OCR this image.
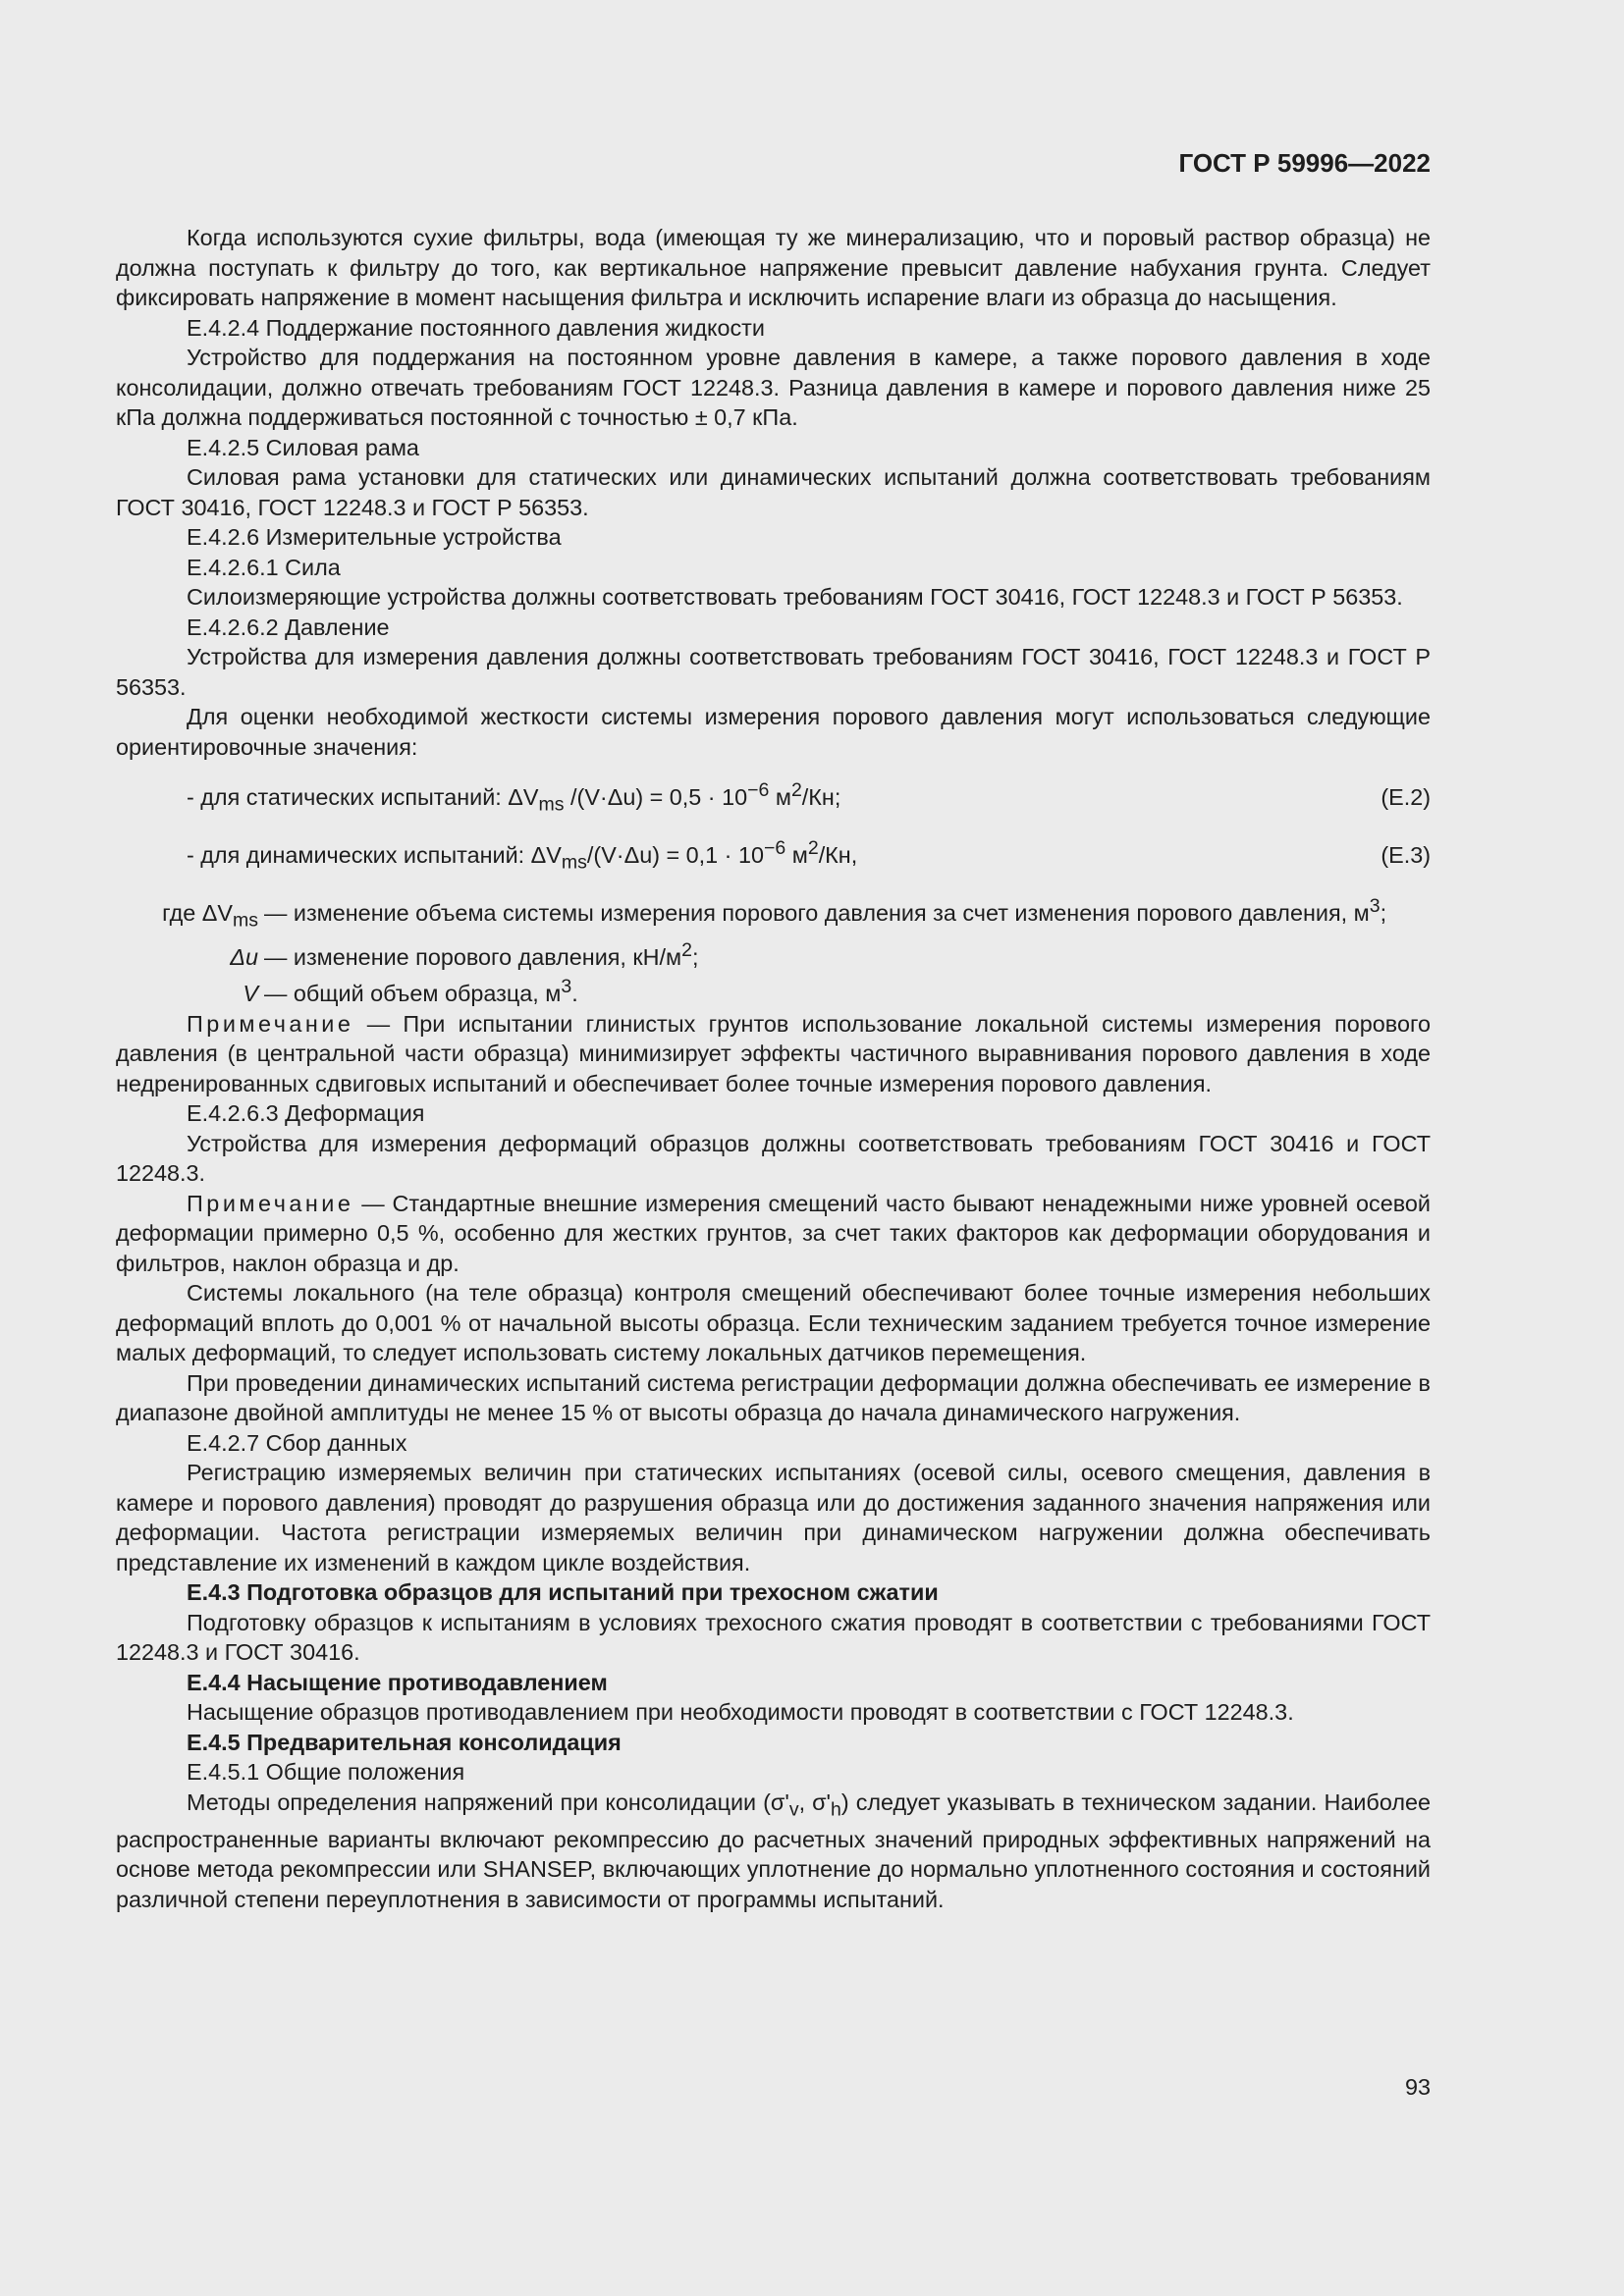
ГОСТ Р 59996—2022

Когда используются сухие фильтры, вода (имеющая ту же минерализацию, что и поровый раствор образца) не должна поступать к фильтру до того, как вертикальное напряжение превысит давление набухания грунта. Следует фиксировать напряжение в момент насыщения фильтра и исключить испарение влаги из образца до насыщения.

Е.4.2.4 Поддержание постоянного давления жидкости

Устройство для поддержания на постоянном уровне давления в камере, а также порового давления в ходе консолидации, должно отвечать требованиям ГОСТ 12248.3. Разница давления в камере и порового давления ниже 25 кПа должна поддерживаться постоянной с точностью ± 0,7 кПа.

Е.4.2.5 Силовая рама

Силовая рама установки для статических или динамических испытаний должна соответствовать требованиям ГОСТ 30416, ГОСТ 12248.3 и ГОСТ Р 56353.

Е.4.2.6 Измерительные устройства

Е.4.2.6.1 Сила

Силоизмеряющие устройства должны соответствовать требованиям ГОСТ 30416, ГОСТ 12248.3 и ГОСТ Р 56353.

Е.4.2.6.2 Давление

Устройства для измерения давления должны соответствовать требованиям ГОСТ 30416, ГОСТ 12248.3 и ГОСТ Р 56353.

Для оценки необходимой жесткости системы измерения порового давления могут использоваться следующие ориентировочные значения:

- для статических испытаний: $\Delta V_{ms}$ $/(V\cdot\Delta u) = 0,5 \cdot 10^{-6}$ $м^2/Кн$;	(Е.2)
- для динамических испытаний: $\Delta V_{ms}/(V\cdot\Delta u) = 0,1 \cdot 10^{-6}$ $м^2/Кн$,	(Е.3)
где $\Delta V_{ms}$ — изменение объема системы измерения порового давления за счет изменения порового давления, $м^3$;
Δu — изменение порового давления, $кН/м^2$;
V — общий объем образца, $м^3$.

Примечание — При испытании глинистых грунтов использование локальной системы измерения порового давления (в центральной части образца) минимизирует эффекты частичного выравнивания порового давления в ходе недренированных сдвиговых испытаний и обеспечивает более точные измерения порового давления.

Е.4.2.6.3 Деформация

Устройства для измерения деформаций образцов должны соответствовать требованиям ГОСТ 30416 и ГОСТ 12248.3.

Примечание — Стандартные внешние измерения смещений часто бывают ненадежными ниже уровней осевой деформации примерно 0,5 %, особенно для жестких грунтов, за счет таких факторов как деформации оборудования и фильтров, наклон образца и др.

Системы локального (на теле образца) контроля смещений обеспечивают более точные измерения небольших деформаций вплоть до 0,001 % от начальной высоты образца. Если техническим заданием требуется точное измерение малых деформаций, то следует использовать систему локальных датчиков перемещения.

При проведении динамических испытаний система регистрации деформации должна обеспечивать ее измерение в диапазоне двойной амплитуды не менее 15 % от высоты образца до начала динамического нагружения.

Е.4.2.7 Сбор данных

Регистрацию измеряемых величин при статических испытаниях (осевой силы, осевого смещения, давления в камере и порового давления) проводят до разрушения образца или до достижения заданного значения напряжения или деформации. Частота регистрации измеряемых величин при динамическом нагружении должна обеспечивать представление их изменений в каждом цикле воздействия.

Е.4.3 Подготовка образцов для испытаний при трехосном сжатии

Подготовку образцов к испытаниям в условиях трехосного сжатия проводят в соответствии с требованиями ГОСТ 12248.3 и ГОСТ 30416.

Е.4.4 Насыщение противодавлением

Насыщение образцов противодавлением при необходимости проводят в соответствии с ГОСТ 12248.3.

Е.4.5 Предварительная консолидация

Е.4.5.1 Общие положения

Методы определения напряжений при консолидации ($\sigma'_v$, $\sigma'_h$) следует указывать в техническом задании. Наиболее распространенные варианты включают рекомпрессию до расчетных значений природных эффективных напряжений на основе метода рекомпрессии или SHANSEP, включающих уплотнение до нормально уплотненного состояния и состояний различной степени переуплотнения в зависимости от программы испытаний.

93
